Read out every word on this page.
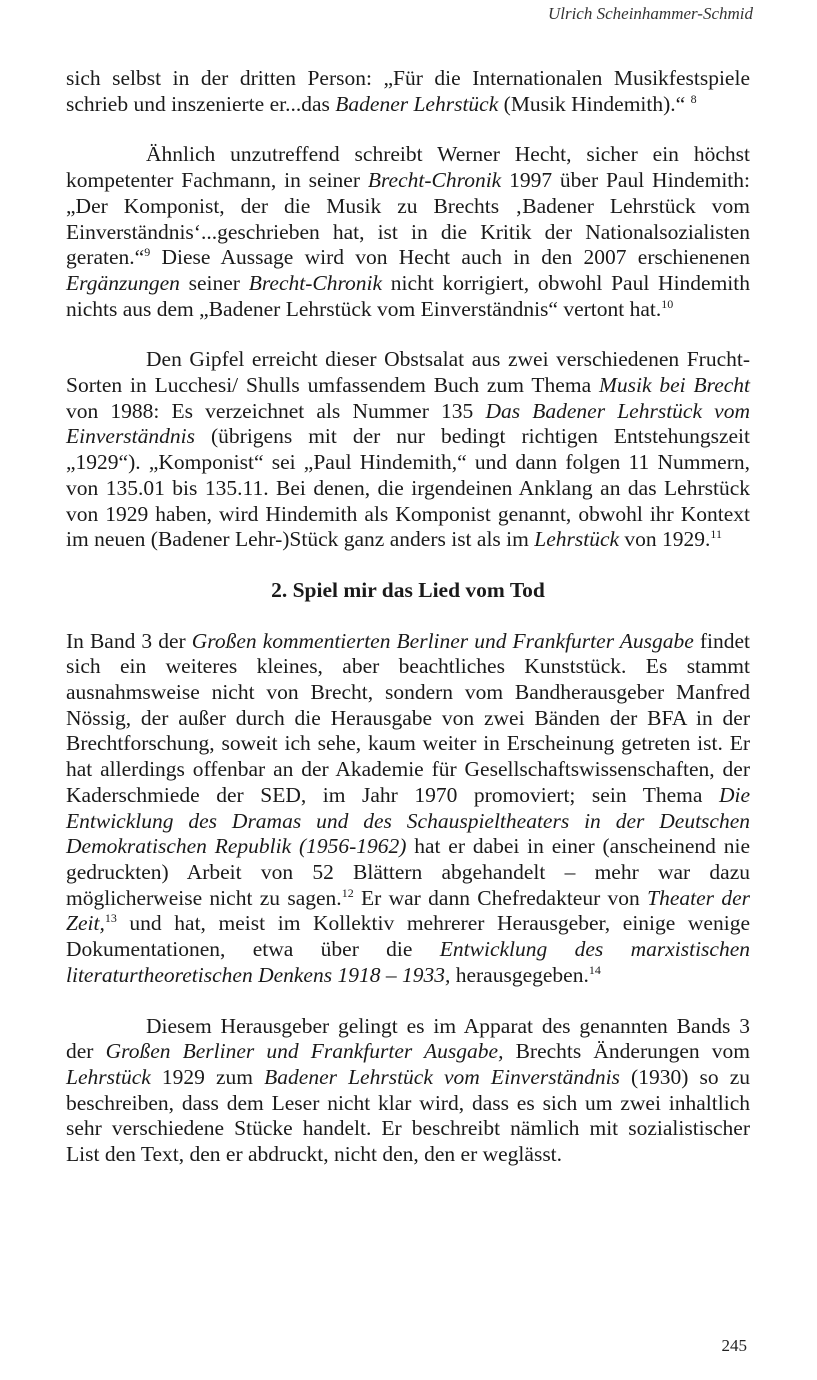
Ulrich Scheinhammer-Schmid

sich selbst in der dritten Person: „Für die Internationalen Musikfestspiele schrieb und inszenierte er...das Badener Lehrstück (Musik Hindemith).“ $^8$

Ähnlich unzutreffend schreibt Werner Hecht, sicher ein höchst kompetenter Fachmann, in seiner Brecht-Chronik 1997 über Paul Hindemith: „Der Komponist, der die Musik zu Brechts ‚Badener Lehrstück vom Einverständnis‘...geschrieben hat, ist in die Kritik der Nationalsozialisten geraten.“$^9$ Diese Aussage wird von Hecht auch in den 2007 erschienenen Ergänzungen seiner Brecht-Chronik nicht korrigiert, obwohl Paul Hindemith nichts aus dem „Badener Lehrstück vom Einverständnis“ vertont hat.$^{10}$

Den Gipfel erreicht dieser Obstsalat aus zwei verschiedenen Frucht-Sorten in Lucchesi/ Shulls umfassendem Buch zum Thema Musik bei Brecht von 1988: Es verzeichnet als Nummer 135 Das Badener Lehrstück vom Einverständnis (übrigens mit der nur bedingt richtigen Entstehungszeit „1929“). „Komponist“ sei „Paul Hindemith,“ und dann folgen 11 Nummern, von 135.01 bis 135.11. Bei denen, die irgendeinen Anklang an das Lehrstück von 1929 haben, wird Hindemith als Komponist genannt, obwohl ihr Kontext im neuen (Badener Lehr-)Stück ganz anders ist als im Lehrstück von 1929.11

2. Spiel mir das Lied vom Tod

In Band 3 der Großen kommentierten Berliner und Frankfurter Ausgabe findet sich ein weiteres kleines, aber beachtliches Kunststück. Es stammt ausnahmsweise nicht von Brecht, sondern vom Bandherausgeber Manfred Nössig, der außer durch die Herausgabe von zwei Bänden der BFA in der Brechtforschung, soweit ich sehe, kaum weiter in Erscheinung getreten ist. Er hat allerdings offenbar an der Akademie für Gesellschaftswissenschaften, der Kaderschmiede der SED, im Jahr 1970 promoviert; sein Thema Die Entwicklung des Dramas und des Schauspieltheaters in der Deutschen Demokratischen Republik (1956-1962) hat er dabei in einer (anscheinend nie gedruckten) Arbeit von 52 Blättern abgehandelt – mehr war dazu möglicherweise nicht zu sagen.$^{12}$ Er war dann Chefredakteur von Theater der Zeit,$^{13}$ und hat, meist im Kollektiv mehrerer Herausgeber, einige wenige Dokumentationen, etwa über die Entwicklung des marxistischen literaturtheoretischen Denkens 1918 – 1933, herausgegeben.$^{14}$

Diesem Herausgeber gelingt es im Apparat des genannten Bands 3 der Großen Berliner und Frankfurter Ausgabe, Brechts Änderungen vom Lehrstück 1929 zum Badener Lehrstück vom Einverständnis (1930) so zu beschreiben, dass dem Leser nicht klar wird, dass es sich um zwei inhaltlich sehr verschiedene Stücke handelt. Er beschreibt nämlich mit sozialistischer List den Text, den er abdruckt, nicht den, den er weglässt.

245
